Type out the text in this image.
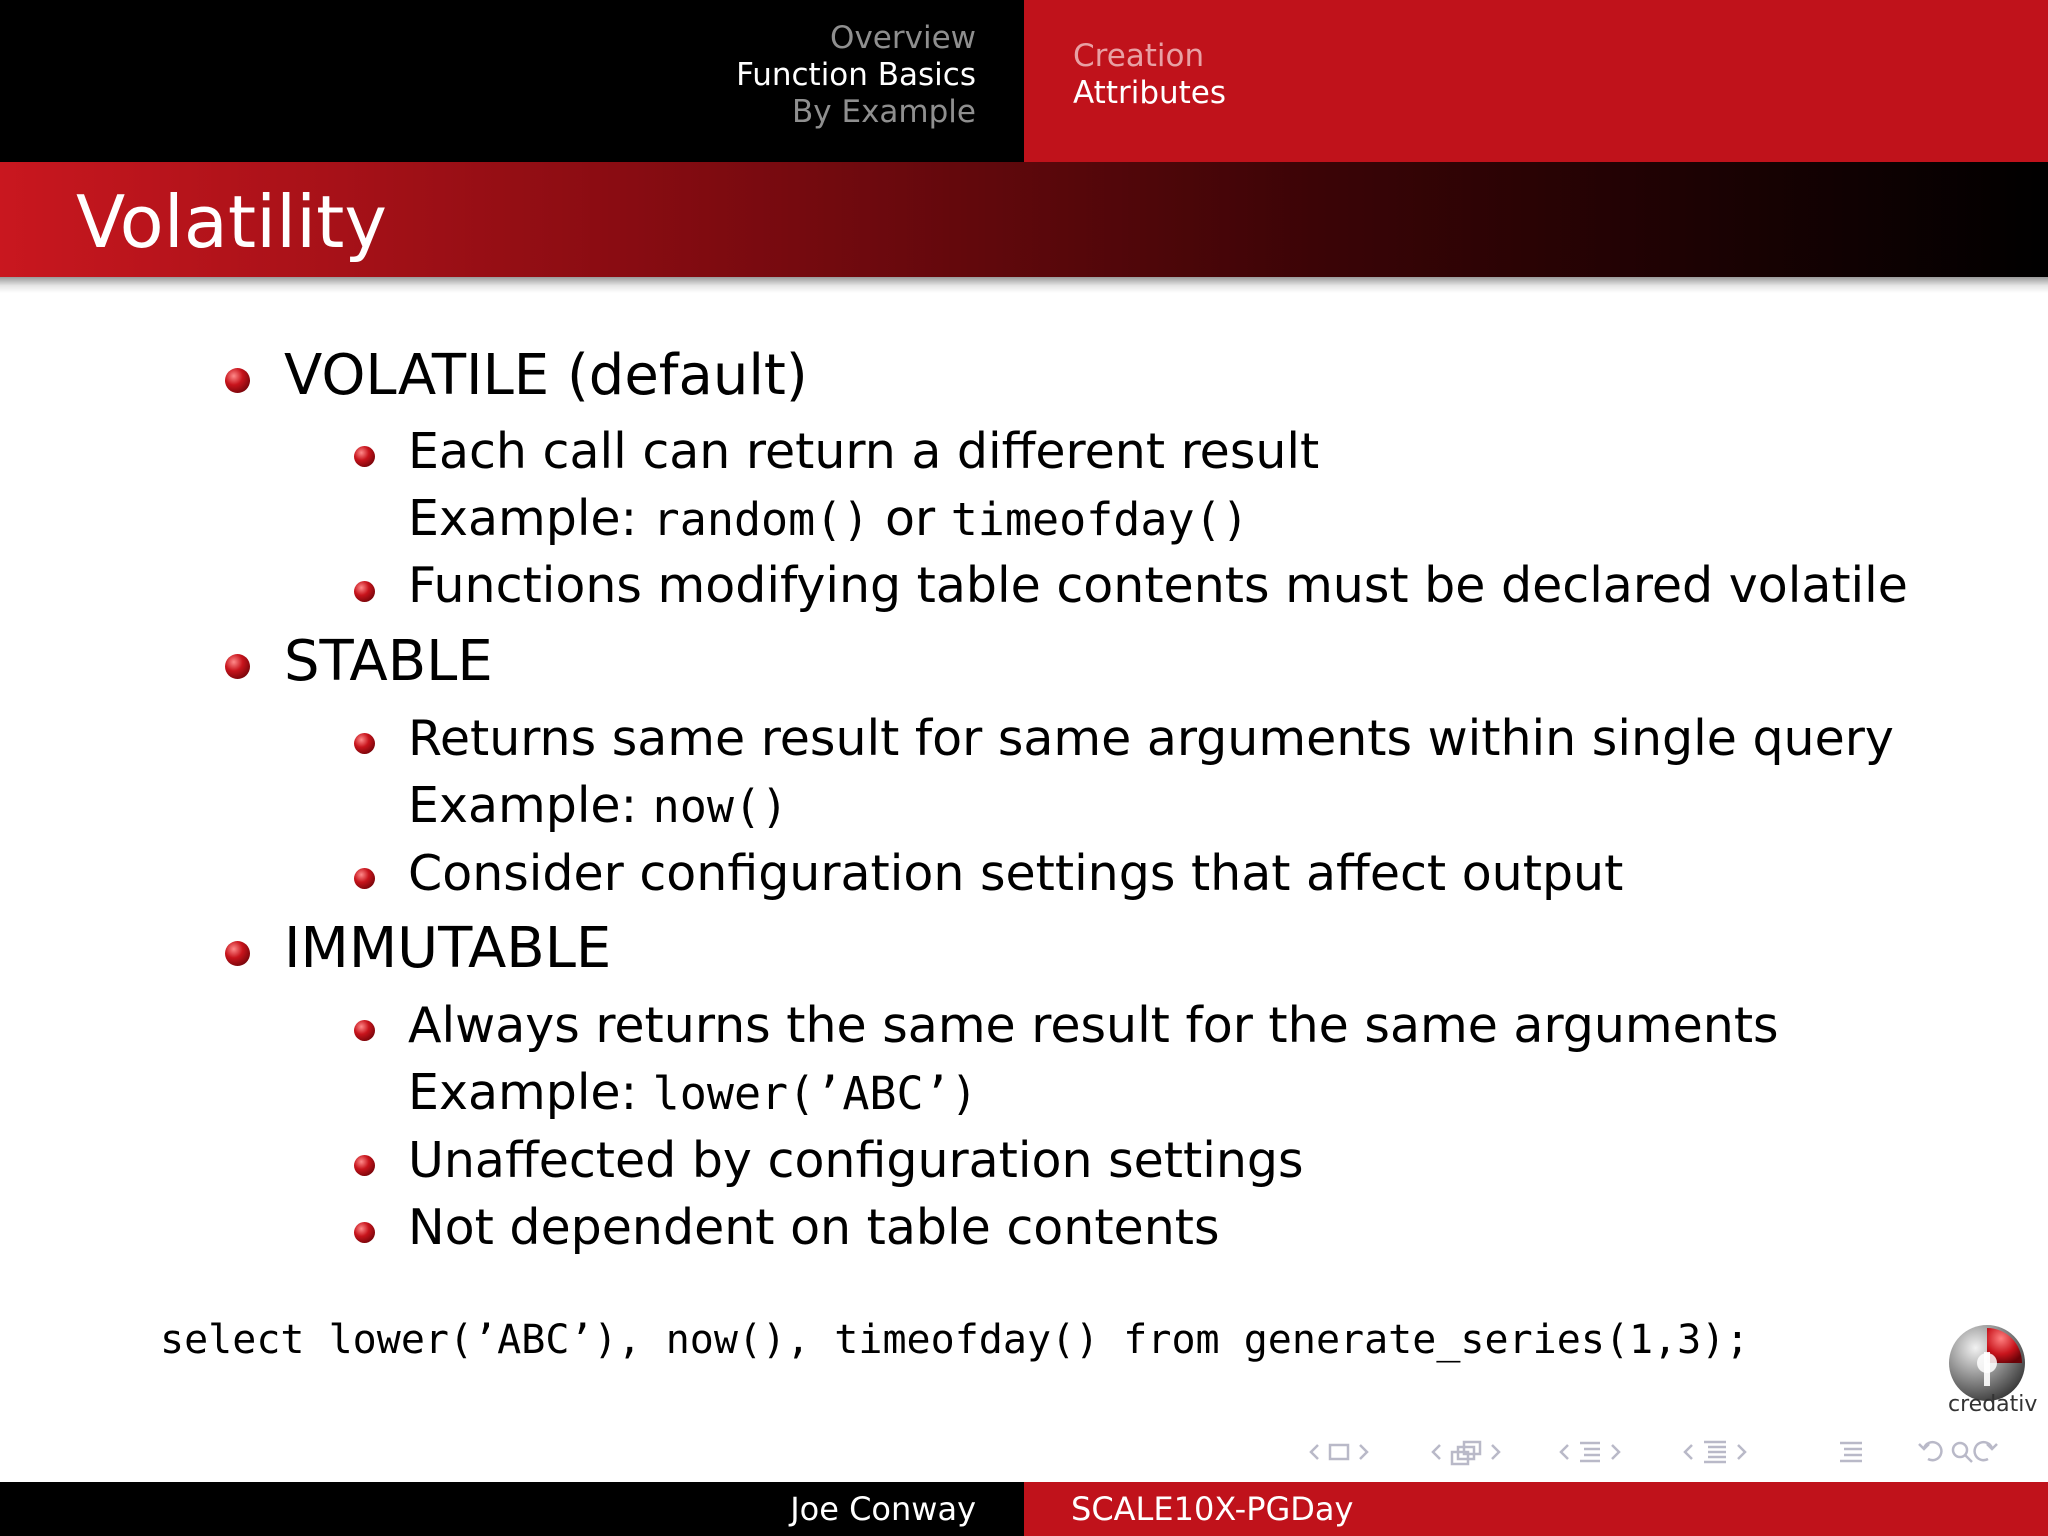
Overview
Function Basics
By Example
Creation
Attributes
Volatility
VOLATILE (default)
Each call can return a different result
Example: random() or timeofday()
Functions modifying table contents must be declared volatile
STABLE
Returns same result for same arguments within single query
Example: now()
Consider configuration settings that affect output
IMMUTABLE
Always returns the same result for the same arguments
Example: lower(’ABC’)
Unaffected by configuration settings
Not dependent on table contents
select lower(’ABC’), now(), timeofday() from generate_series(1,3);
credativ
Joe Conway	SCALE10X-PGDay
